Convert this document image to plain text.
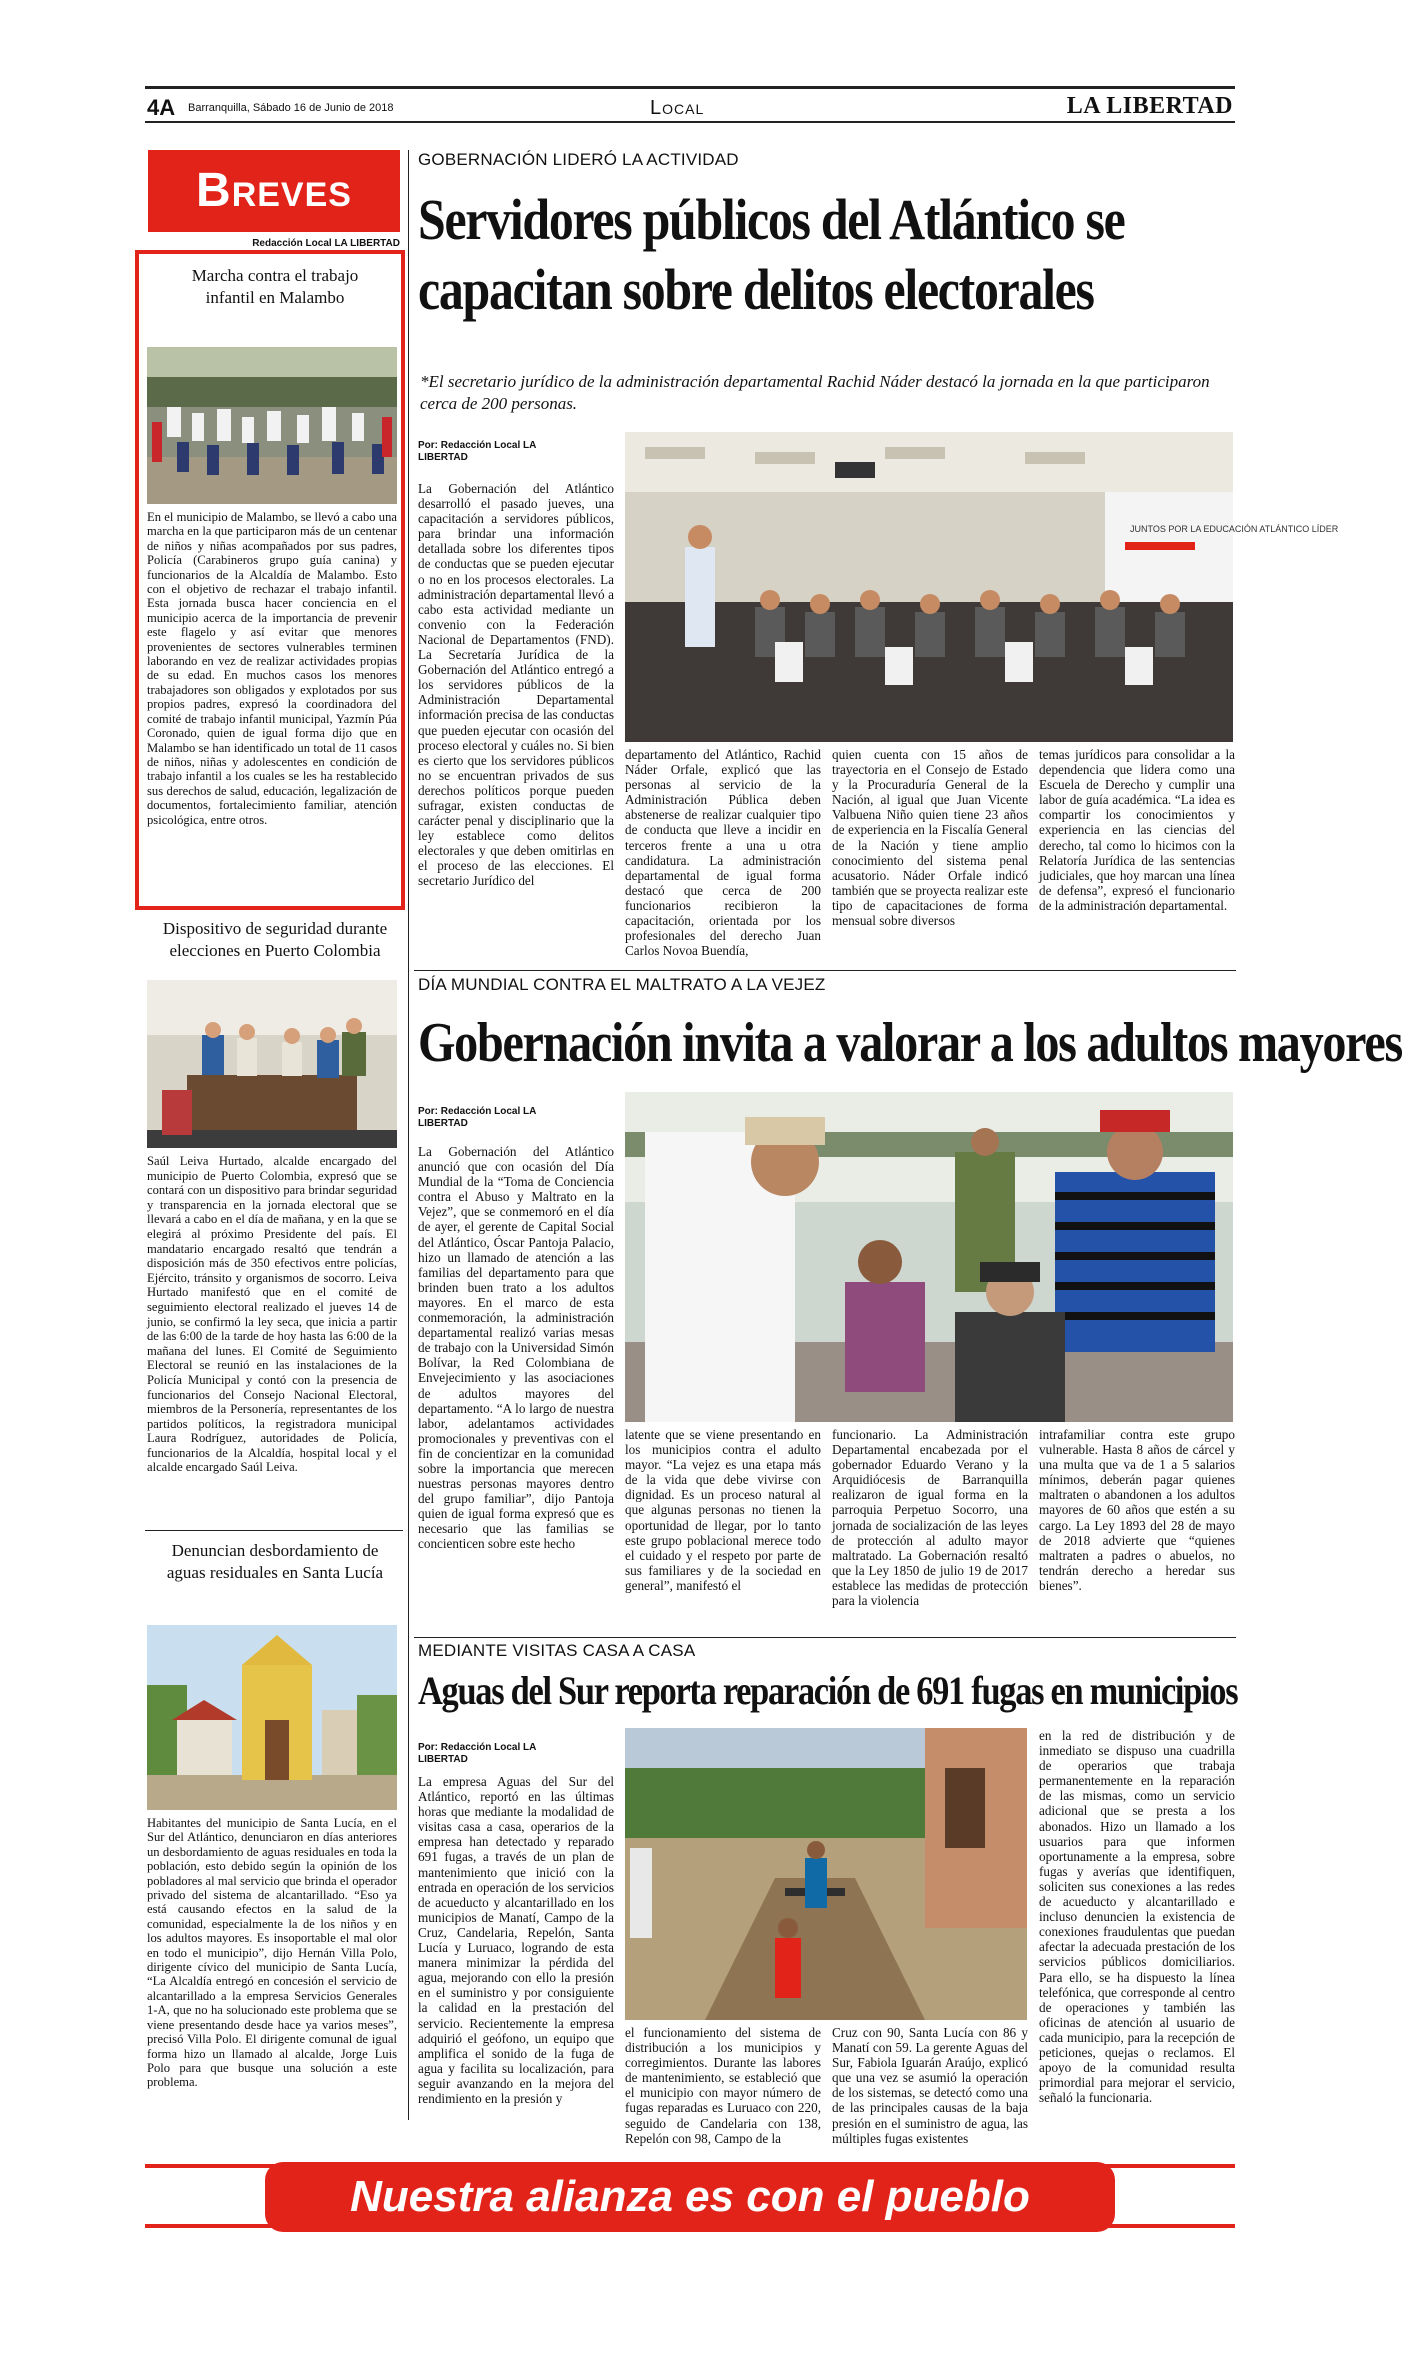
4A Barranquilla, Sábado 16 de Junio de 2018	Local	LA LIBERTAD
Breves
Redacción Local LA LIBERTAD
Marcha contra el trabajo infantil en Malambo
En el municipio de Malambo, se llevó a cabo una marcha en la que participaron más de un centenar de niños y niñas acompañados por sus padres, Policía (Carabineros grupo guía canina) y funcionarios de la Alcaldía de Malambo. Esto con el objetivo de rechazar el trabajo infantil. Esta jornada busca hacer conciencia en el municipio acerca de la importancia de prevenir este flagelo y así evitar que menores provenientes de sectores vulnerables terminen laborando en vez de realizar actividades propias de su edad. En muchos casos los menores trabajadores son obligados y explotados por sus propios padres, expresó la coordinadora del comité de trabajo infantil municipal, Yazmín Púa Coronado, quien de igual forma dijo que en Malambo se han identificado un total de 11 casos de niños, niñas y adolescentes en condición de trabajo infantil a los cuales se les ha restablecido sus derechos de salud, educación, legalización de documentos, fortalecimiento familiar, atención psicológica, entre otros.
Dispositivo de seguridad durante elecciones en Puerto Colombia
Saúl Leiva Hurtado, alcalde encargado del municipio de Puerto Colombia, expresó que se contará con un dispositivo para brindar seguridad y transparencia en la jornada electoral que se llevará a cabo en el día de mañana, y en la que se elegirá al próximo Presidente del país. El mandatario encargado resaltó que tendrán a disposición más de 350 efectivos entre policías, Ejército, tránsito y organismos de socorro. Leiva Hurtado manifestó que en el comité de seguimiento electoral realizado el jueves 14 de junio, se confirmó la ley seca, que inicia a partir de las 6:00 de la tarde de hoy hasta las 6:00 de la mañana del lunes. El Comité de Seguimiento Electoral se reunió en las instalaciones de la Policía Municipal y contó con la presencia de funcionarios del Consejo Nacional Electoral, miembros de la Personería, representantes de los partidos políticos, la registradora municipal Laura Rodríguez, autoridades de Policía, funcionarios de la Alcaldía, hospital local y el alcalde encargado Saúl Leiva.
Denuncian desbordamiento de aguas residuales en Santa Lucía
Habitantes del municipio de Santa Lucía, en el Sur del Atlántico, denunciaron en días anteriores un desbordamiento de aguas residuales en toda la población, esto debido según la opinión de los pobladores al mal servicio que brinda el operador privado del sistema de alcantarillado. “Eso ya está causando efectos en la salud de la comunidad, especialmente la de los niños y en los adultos mayores. Es insoportable el mal olor en todo el municipio”, dijo Hernán Villa Polo, dirigente cívico del municipio de Santa Lucía, “La Alcaldía entregó en concesión el servicio de alcantarillado a la empresa Servicios Generales 1-A, que no ha solucionado este problema que se viene presentando desde hace ya varios meses”, precisó Villa Polo. El dirigente comunal de igual forma hizo un llamado al alcalde, Jorge Luis Polo para que busque una solución a este problema.
GOBERNACIÓN LIDERÓ LA ACTIVIDAD
Servidores públicos del Atlántico se capacitan sobre delitos electorales
*El secretario jurídico de la administración departamental Rachid Náder destacó la jornada en la que participaron cerca de 200 personas.
Por: Redacción Local LA LIBERTAD
La Gobernación del Atlántico desarrolló el pasado jueves, una capacitación a servidores públicos, para brindar una información detallada sobre los diferentes tipos de conductas que se pueden ejecutar o no en los procesos electorales. La administración departamental llevó a cabo esta actividad mediante un convenio con la Federación Nacional de Departamentos (FND). La Secretaría Jurídica de la Gobernación del Atlántico entregó a los servidores públicos de la Administración Departamental información precisa de las conductas que pueden ejecutar con ocasión del proceso electoral y cuáles no. Si bien es cierto que los servidores públicos no se encuentran privados de sus derechos políticos porque pueden sufragar, existen conductas de carácter penal y disciplinario que la ley establece como delitos electorales y que deben omitirlas en el proceso de las elecciones. El secretario Jurídico del
JUNTOS POR LA EDUCACIÓN ATLÁNTICO LÍDER
departamento del Atlántico, Rachid Náder Orfale, explicó que las personas al servicio de la Administración Pública deben abstenerse de realizar cualquier tipo de conducta que lleve a incidir en terceros frente a una u otra candidatura. La administración departamental de igual forma destacó que cerca de 200 funcionarios recibieron la capacitación, orientada por los profesionales del derecho Juan Carlos Novoa Buendía,
quien cuenta con 15 años de trayectoria en el Consejo de Estado y la Procuraduría General de la Nación, al igual que Juan Vicente Valbuena Niño quien tiene 23 años de experiencia en la Fiscalía General de la Nación y tiene amplio conocimiento del sistema penal acusatorio. Náder Orfale indicó también que se proyecta realizar este tipo de capacitaciones de forma mensual sobre diversos
temas jurídicos para consolidar a la dependencia que lidera como una Escuela de Derecho y cumplir una labor de guía académica. “La idea es compartir los conocimientos y experiencia en las ciencias del derecho, tal como lo hicimos con la Relatoría Jurídica de las sentencias judiciales, que hoy marcan una línea de defensa”, expresó el funcionario de la administración departamental.
DÍA MUNDIAL CONTRA EL MALTRATO A LA VEJEZ
Gobernación invita a valorar a los adultos mayores
Por: Redacción Local LA LIBERTAD
La Gobernación del Atlántico anunció que con ocasión del Día Mundial de la “Toma de Conciencia contra el Abuso y Maltrato en la Vejez”, que se conmemoró en el día de ayer, el gerente de Capital Social del Atlántico, Óscar Pantoja Palacio, hizo un llamado de atención a las familias del departamento para que brinden buen trato a los adultos mayores. En el marco de esta conmemoración, la administración departamental realizó varias mesas de trabajo con la Universidad Simón Bolívar, la Red Colombiana de Envejecimiento y las asociaciones de adultos mayores del departamento. “A lo largo de nuestra labor, adelantamos actividades promocionales y preventivas con el fin de concientizar en la comunidad sobre la importancia que merecen nuestras personas mayores dentro del grupo familiar”, dijo Pantoja quien de igual forma expresó que es necesario que las familias se concienticen sobre este hecho
latente que se viene presentando en los municipios contra el adulto mayor. “La vejez es una etapa más de la vida que debe vivirse con dignidad. Es un proceso natural al que algunas personas no tienen la oportunidad de llegar, por lo tanto este grupo poblacional merece todo el cuidado y el respeto por parte de sus familiares y de la sociedad en general”, manifestó el
funcionario. La Administración Departamental encabezada por el gobernador Eduardo Verano y la Arquidiócesis de Barranquilla realizaron de igual forma en la parroquia Perpetuo Socorro, una jornada de socialización de las leyes de protección al adulto mayor maltratado. La Gobernación resaltó que la Ley 1850 de julio 19 de 2017 establece las medidas de protección para la violencia
intrafamiliar contra este grupo vulnerable. Hasta 8 años de cárcel y una multa que va de 1 a 5 salarios mínimos, deberán pagar quienes maltraten o abandonen a los adultos mayores de 60 años que estén a su cargo. La Ley 1893 del 28 de mayo de 2018 advierte que “quienes maltraten a padres o abuelos, no tendrán derecho a heredar sus bienes”.
MEDIANTE VISITAS CASA A CASA
Aguas del Sur reporta reparación de 691 fugas en municipios
Por: Redacción Local LA LIBERTAD
La empresa Aguas del Sur del Atlántico, reportó en las últimas horas que mediante la modalidad de visitas casa a casa, operarios de la empresa han detectado y reparado 691 fugas, a través de un plan de mantenimiento que inició con la entrada en operación de los servicios de acueducto y alcantarillado en los municipios de Manatí, Campo de la Cruz, Candelaria, Repelón, Santa Lucía y Luruaco, logrando de esta manera minimizar la pérdida del agua, mejorando con ello la presión en el suministro y por consiguiente la calidad en la prestación del servicio. Recientemente la empresa adquirió el geófono, un equipo que amplifica el sonido de la fuga de agua y facilita su localización, para seguir avanzando en la mejora del rendimiento en la presión y
el funcionamiento del sistema de distribución a los municipios y corregimientos. Durante las labores de mantenimiento, se estableció que el municipio con mayor número de fugas reparadas es Luruaco con 220, seguido de Candelaria con 138, Repelón con 98, Campo de la
Cruz con 90, Santa Lucía con 86 y Manatí con 59. La gerente Aguas del Sur, Fabiola Iguarán Araújo, explicó que una vez se asumió la operación de los sistemas, se detectó como una de las principales causas de la baja presión en el suministro de agua, las múltiples fugas existentes
en la red de distribución y de inmediato se dispuso una cuadrilla de operarios que trabaja permanentemente en la reparación de las mismas, como un servicio adicional que se presta a los abonados. Hizo un llamado a los usuarios para que informen oportunamente a la empresa, sobre fugas y averías que identifiquen, soliciten sus conexiones a las redes de acueducto y alcantarillado e incluso denuncien la existencia de conexiones fraudulentas que puedan afectar la adecuada prestación de los servicios públicos domiciliarios. Para ello, se ha dispuesto la línea telefónica, que corresponde al centro de operaciones y también las oficinas de atención al usuario de cada municipio, para la recepción de peticiones, quejas o reclamos. El apoyo de la comunidad resulta primordial para mejorar el servicio, señaló la funcionaria.
Nuestra alianza es con el pueblo
